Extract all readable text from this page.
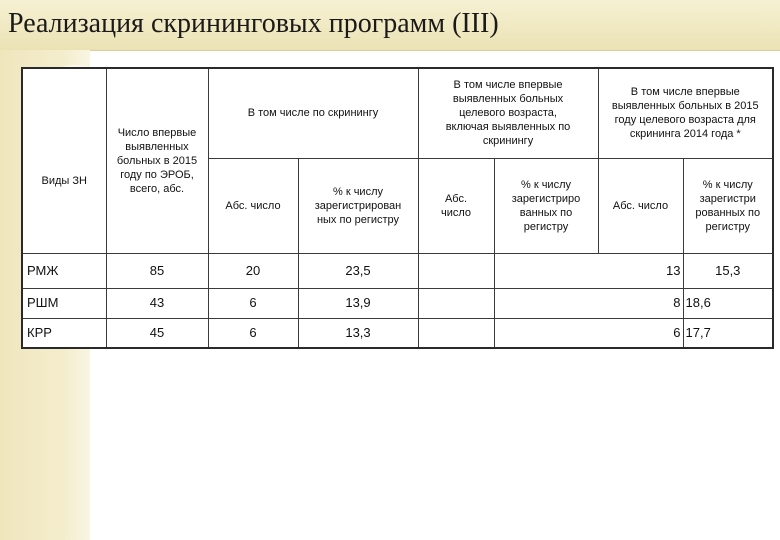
Реализация скрининговых программ (III)
Виды ЗН	Число впервые выявленных больных в 2015 году по ЭРОБ, всего, абс.	В том числе по скринингу		В том числе впервые выявленных больных целевого возраста, включая выявленных по скринингу		В том числе впервые выявленных больных в 2015 году целевого возраста для скрининга 2014 года *	
		Абс. число	% к числу зарегистрирован ных по регистру	Абс. число	% к числу зарегистриро ванных по регистру	Абс. число	% к числу зарегистри рованных по регистру
РМЖ	85	20	23,5			13	15,3
РШМ	43	6	13,9			8	18,6
КРР	45	6	13,3			6	17,7
